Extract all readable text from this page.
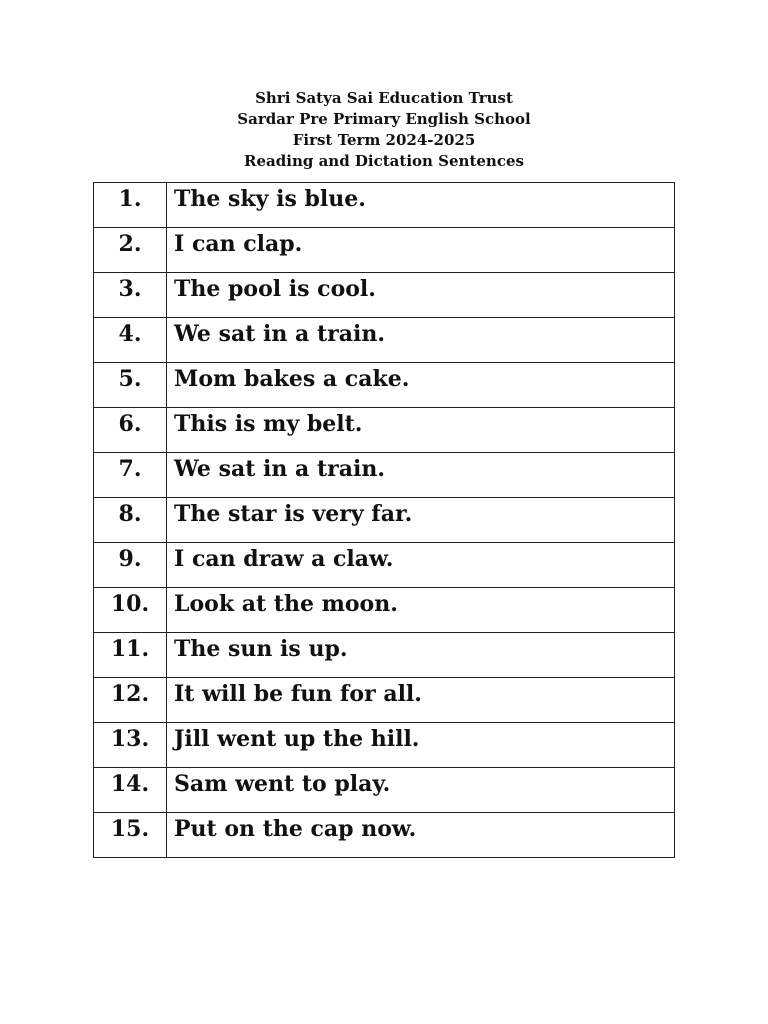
Shri Satya Sai Education Trust
Sardar Pre Primary English School
First Term 2024-2025
Reading and Dictation Sentences
1.	The sky is blue.
2.	I can clap.
3.	The pool is cool.
4.	We sat in a train.
5.	Mom bakes a cake.
6.	This is my belt.
7.	We sat in a train.
8.	The star is very far.
9.	I can draw a claw.
10.	Look at the moon.
11.	The sun is up.
12.	It will be fun for all.
13.	Jill went up the hill.
14.	Sam went to play.
15.	Put on the cap now.
